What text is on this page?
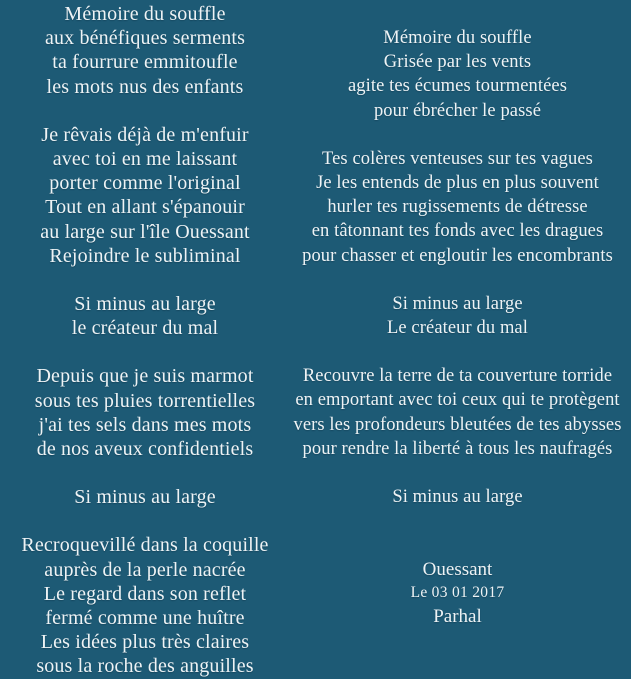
Mémoire du souffle
aux bénéfiques serments
ta fourrure emmitoufle
les mots nus des enfants
Je rêvais déjà de m'enfuir
avec toi en me laissant
porter comme l'original
Tout en allant s'épanouir
au large sur l'île Ouessant
Rejoindre le subliminal
Si minus au large
le créateur du mal
Depuis que je suis marmot
sous tes pluies torrentielles
j'ai tes sels dans mes mots
de nos aveux confidentiels
Si minus au large
Recroquevillé dans la coquille
auprès de la perle nacrée
Le regard dans son reflet
fermé comme une huître
Les idées plus très claires
sous la roche des anguilles
Mémoire du souffle
Grisée par les vents
agite tes écumes tourmentées
pour ébrécher le passé
Tes colères venteuses sur tes vagues
Je les entends de plus en plus souvent
hurler tes rugissements de détresse
en tâtonnant tes fonds avec les dragues
pour chasser et engloutir les encombrants
Si minus au large
Le créateur du mal
Recouvre la terre de ta couverture torride
en emportant avec toi ceux qui te protègent
vers les profondeurs bleutées de tes abysses
pour rendre la liberté à tous les naufragés
Si minus au large
Ouessant
Le 03 01 2017
Parhal
